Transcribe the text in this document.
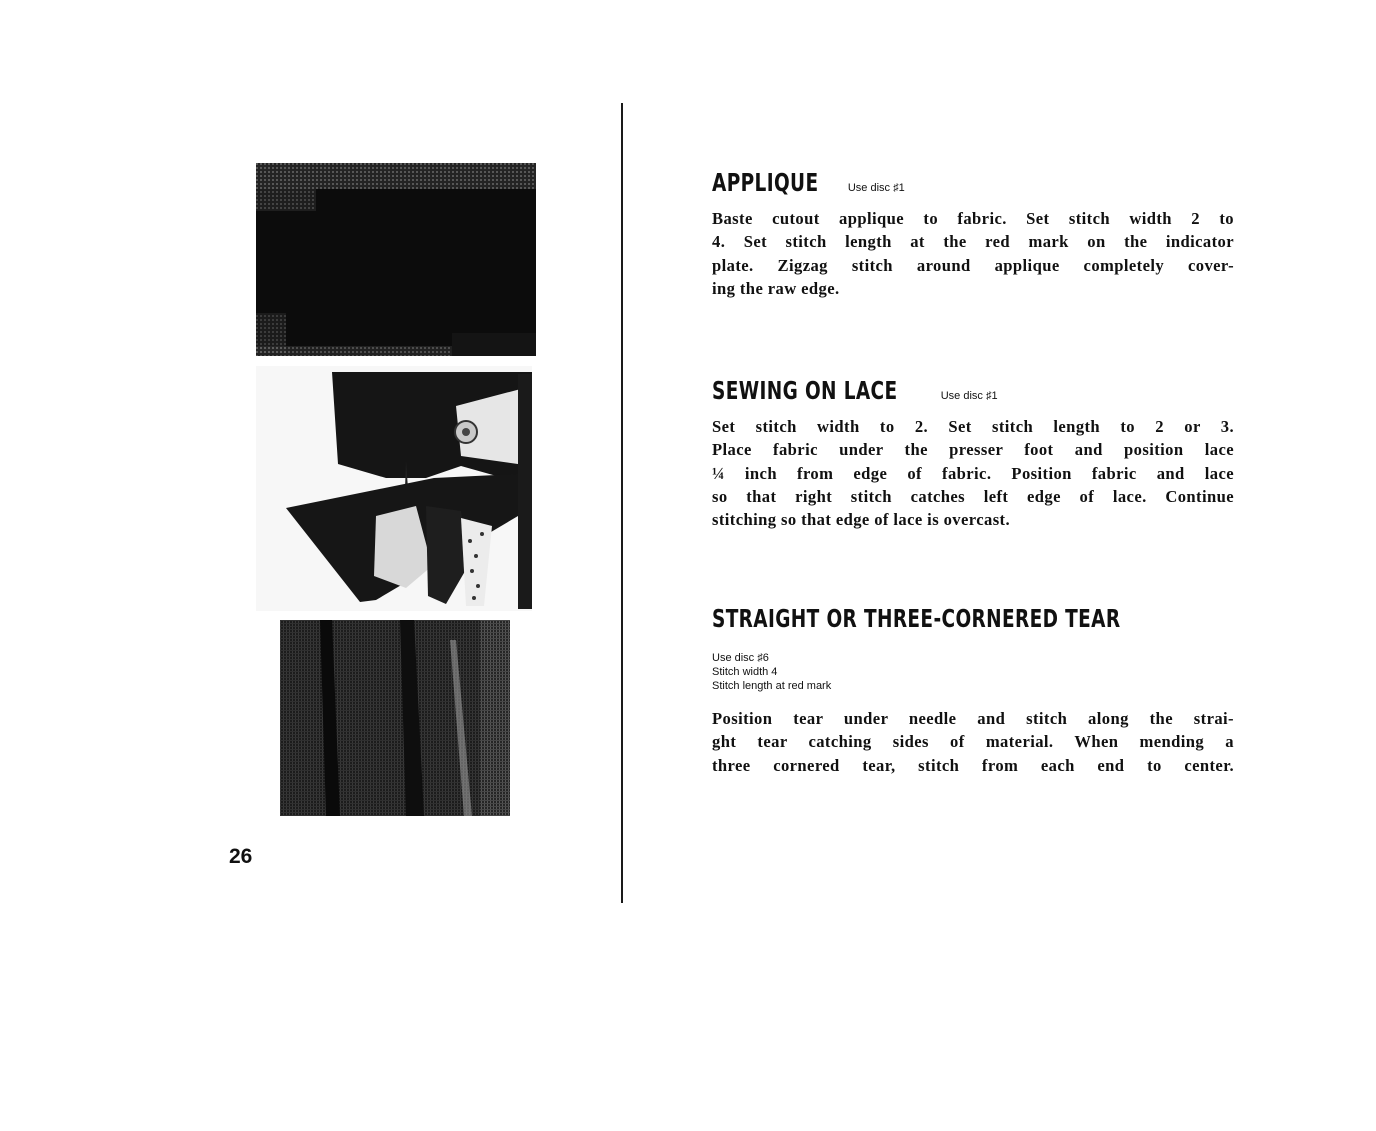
26
APPLIQUE	Use disc ♯1

Baste cutout applique to fabric. Set stitch width 2 to
4. Set stitch length at the red mark on the indicator
plate. Zigzag stitch around applique completely cover-
ing the raw edge.

SEWING ON LACE	Use disc ♯1

Set stitch width to 2. Set stitch length to 2 or 3.
Place fabric under the presser foot and position lace
¼ inch from edge of fabric. Position fabric and lace
so that right stitch catches left edge of lace. Continue
stitching so that edge of lace is overcast.

STRAIGHT OR THREE-CORNERED TEAR
Use disc ♯6
Stitch width 4
Stitch length at red mark

Position tear under needle and stitch along the strai-
ght tear catching sides of material. When mending a
three cornered tear, stitch from each end to center.
